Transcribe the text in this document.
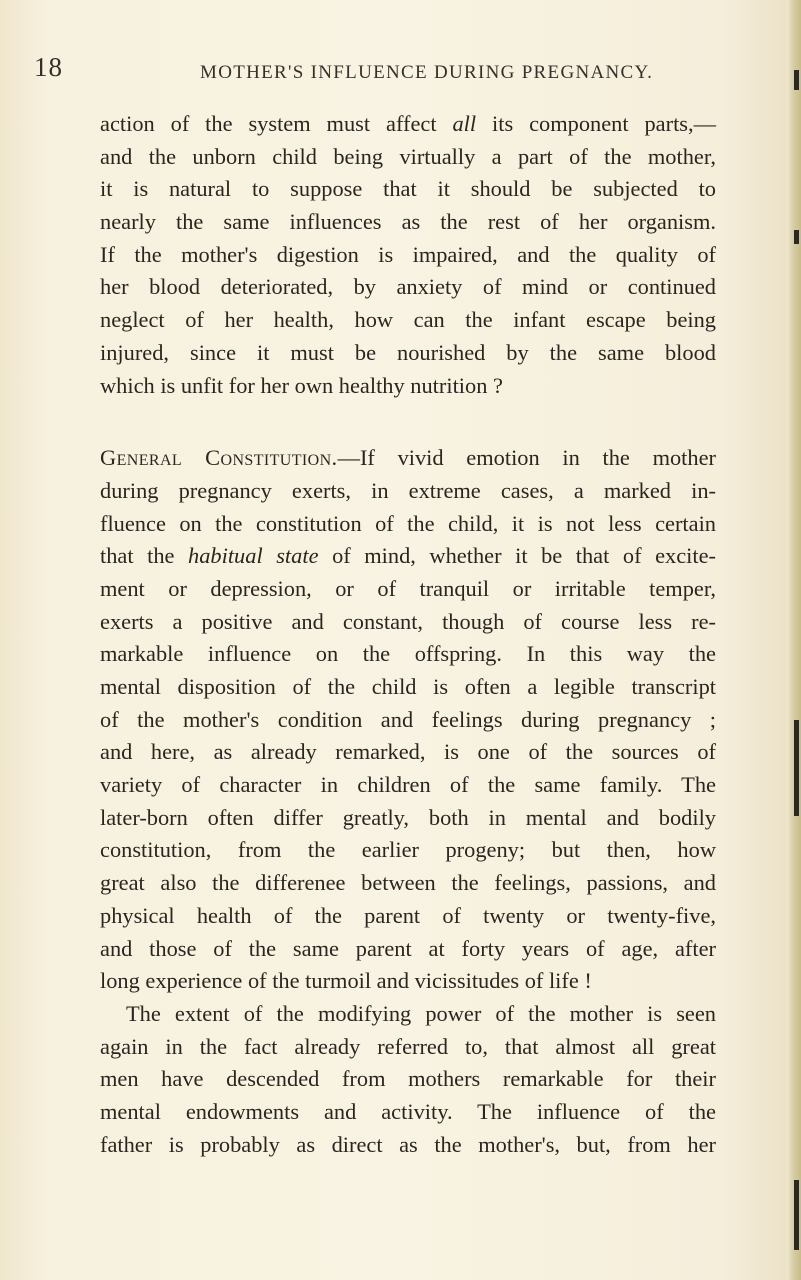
18	MOTHER'S INFLUENCE DURING PREGNANCY.
action of the system must affect all its component parts,—
and the unborn child being virtually a part of the mother,
it is natural to suppose that it should be subjected to
nearly the same influences as the rest of her organism.
If the mother's digestion is impaired, and the quality of
her blood deteriorated, by anxiety of mind or continued
neglect of her health, how can the infant escape being
injured, since it must be nourished by the same blood
which is unfit for her own healthy nutrition ?
General Constitution.—If vivid emotion in the mother
during pregnancy exerts, in extreme cases, a marked in-
fluence on the constitution of the child, it is not less certain
that the habitual state of mind, whether it be that of excite-
ment or depression, or of tranquil or irritable temper,
exerts a positive and constant, though of course less re-
markable influence on the offspring. In this way the
mental disposition of the child is often a legible transcript
of the mother's condition and feelings during pregnancy ;
and here, as already remarked, is one of the sources of
variety of character in children of the same family. The
later-born often differ greatly, both in mental and bodily
constitution, from the earlier progeny; but then, how
great also the differenee between the feelings, passions, and
physical health of the parent of twenty or twenty-five,
and those of the same parent at forty years of age, after
long experience of the turmoil and vicissitudes of life !
The extent of the modifying power of the mother is seen
again in the fact already referred to, that almost all great
men have descended from mothers remarkable for their
mental endowments and activity. The influence of the
father is probably as direct as the mother's, but, from her
